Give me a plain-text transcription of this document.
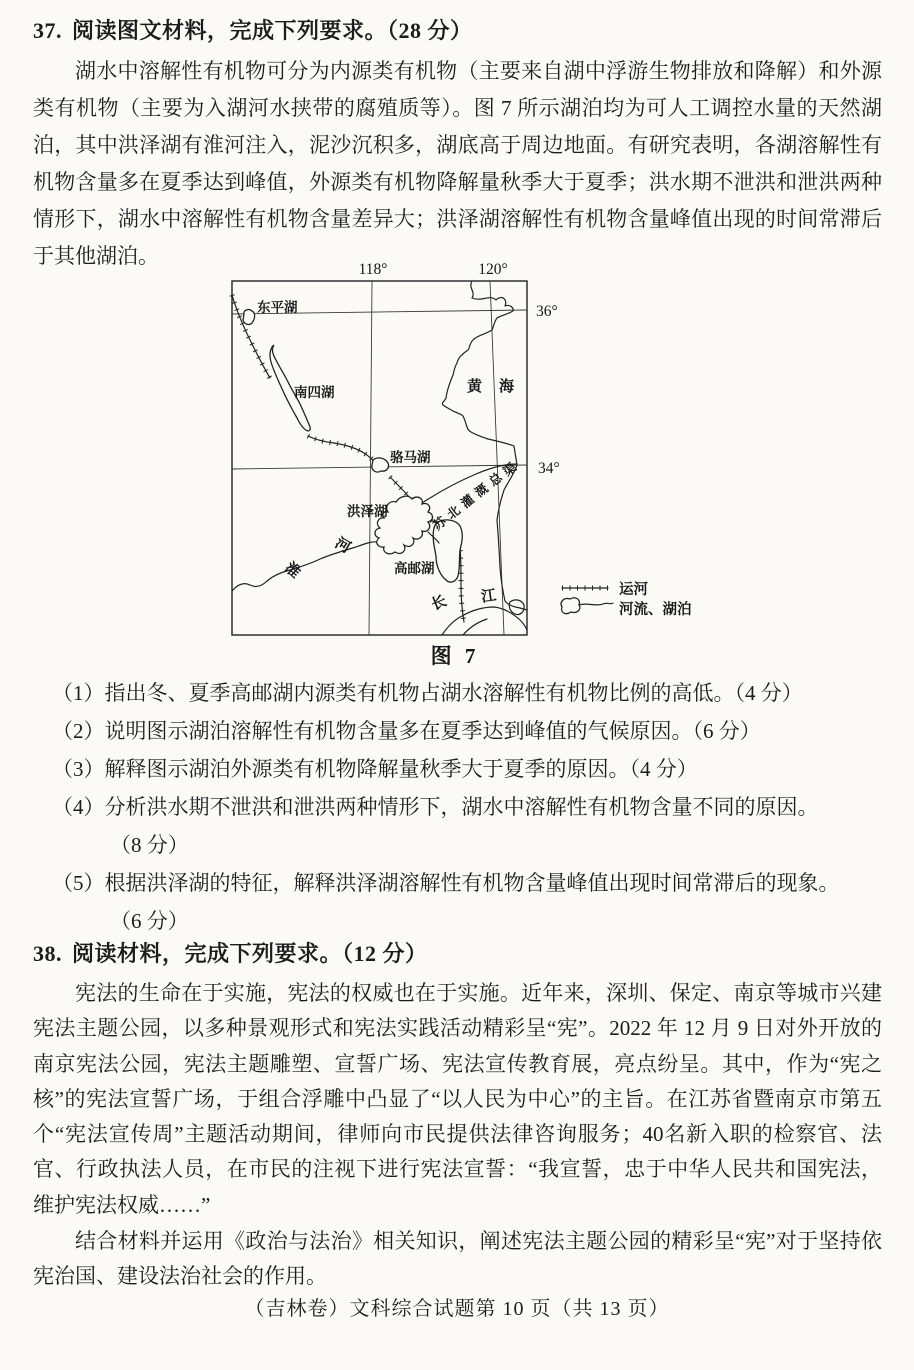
37. 阅读图文材料，完成下列要求。（28 分）
湖水中溶解性有机物可分为内源类有机物（主要来自湖中浮游生物排放和降解）和外源类有机物（主要为入湖河水挟带的腐殖质等）。图 7 所示湖泊均为可人工调控水量的天然湖泊，其中洪泽湖有淮河注入，泥沙沉积多，湖底高于周边地面。有研究表明，各湖溶解性有机物含量多在夏季达到峰值，外源类有机物降解量秋季大于夏季；洪水期不泄洪和泄洪两种情形下，湖水中溶解性有机物含量差异大；洪泽湖溶解性有机物含量峰值出现的时间常滞后于其他湖泊。
118°	120°
36°
34°
东平湖
南四湖
骆马湖
洪泽湖
高邮湖
黄 海
淮
河
长 江
苏
北
灌
溉
总
渠
运河
河流、湖泊
图 7
（1） 指出冬、夏季高邮湖内源类有机物占湖水溶解性有机物比例的高低。（4 分）
（2） 说明图示湖泊溶解性有机物含量多在夏季达到峰值的气候原因。（6 分）
（3） 解释图示湖泊外源类有机物降解量秋季大于夏季的原因。（4 分）
（4） 分析洪水期不泄洪和泄洪两种情形下，湖水中溶解性有机物含量不同的原因。
（8 分）
（5） 根据洪泽湖的特征，解释洪泽湖溶解性有机物含量峰值出现时间常滞后的现象。
（6 分）
38. 阅读材料，完成下列要求。（12 分）
宪法的生命在于实施，宪法的权威也在于实施。近年来，深圳、保定、南京等城市兴建宪法主题公园，以多种景观形式和宪法实践活动精彩呈“宪”。2022 年 12 月 9 日对外开放的南京宪法公园，宪法主题雕塑、宣誓广场、宪法宣传教育展，亮点纷呈。其中，作为“宪之核”的宪法宣誓广场，于组合浮雕中凸显了“以人民为中心”的主旨。在江苏省暨南京市第五个“宪法宣传周”主题活动期间，律师向市民提供法律咨询服务；40名新入职的检察官、法官、行政执法人员，在市民的注视下进行宪法宣誓：“我宣誓，忠于中华人民共和国宪法，维护宪法权威……”
结合材料并运用《政治与法治》相关知识，阐述宪法主题公园的精彩呈“宪”对于坚持依宪治国、建设法治社会的作用。
（吉林卷）文科综合试题第 10 页（共 13 页）
